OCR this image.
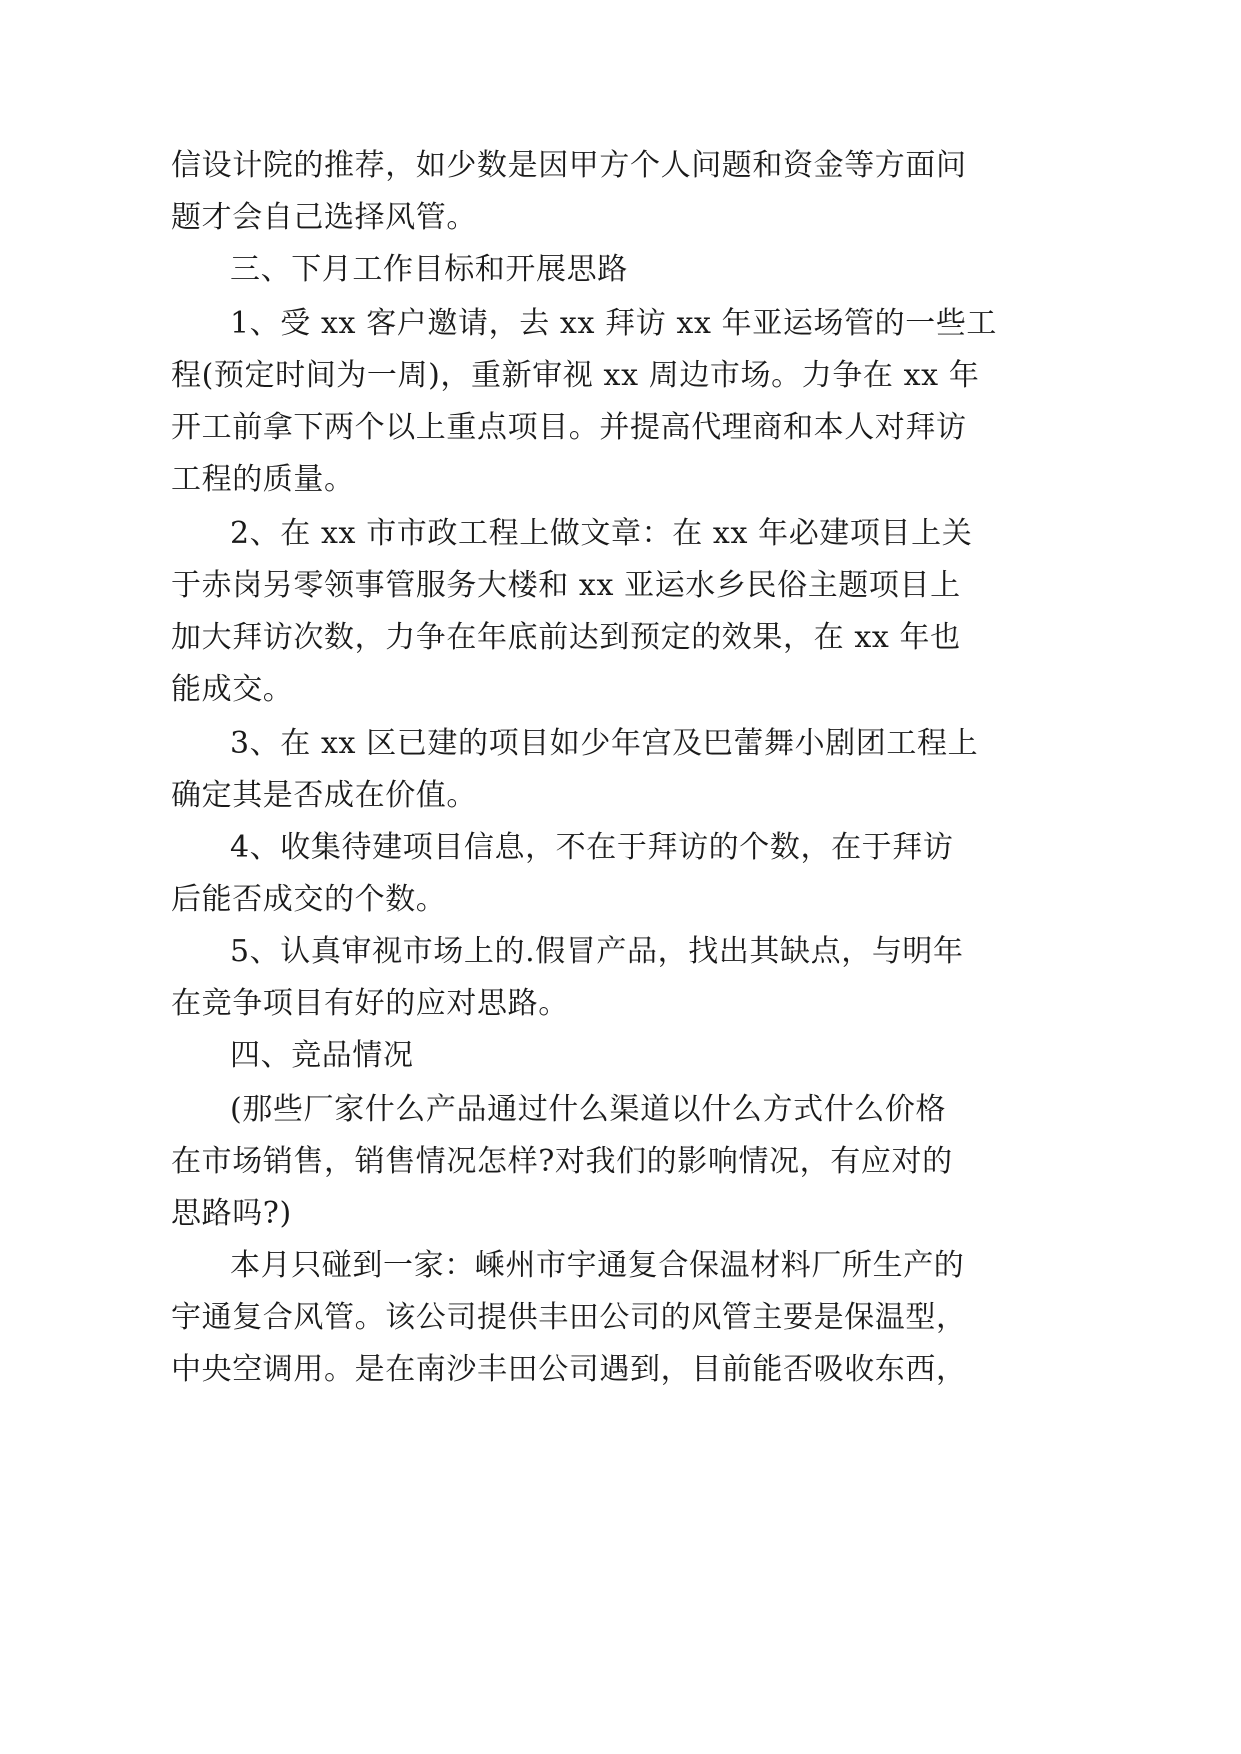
信设计院的推荐，如少数是因甲方个人问题和资金等方面问

题才会自己选择风管。

三、下月工作目标和开展思路

1、受 xx 客户邀请，去 xx 拜访 xx 年亚运场管的一些工

程(预定时间为一周)，重新审视 xx 周边市场。力争在 xx 年

开工前拿下两个以上重点项目。并提高代理商和本人对拜访

工程的质量。

2、在 xx 市市政工程上做文章：在 xx 年必建项目上关

于赤岗另零领事管服务大楼和 xx 亚运水乡民俗主题项目上

加大拜访次数，力争在年底前达到预定的效果，在 xx 年也

能成交。

3、在 xx 区已建的项目如少年宫及巴蕾舞小剧团工程上

确定其是否成在价值。

4、收集待建项目信息，不在于拜访的个数，在于拜访

后能否成交的个数。

5、认真审视市场上的.假冒产品，找出其缺点，与明年

在竞争项目有好的应对思路。

四、竞品情况

(那些厂家什么产品通过什么渠道以什么方式什么价格

在市场销售，销售情况怎样?对我们的影响情况，有应对的

思路吗?)

本月只碰到一家：嵊州市宇通复合保温材料厂所生产的

宇通复合风管。该公司提供丰田公司的风管主要是保温型，

中央空调用。是在南沙丰田公司遇到，目前能否吸收东西，
